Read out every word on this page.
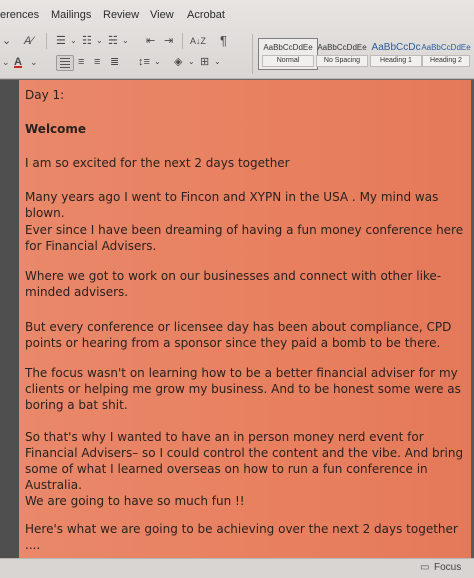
erences Mailings Review View Acrobat
⌄ A⁄ ☰ ⌄ ☷ ⌄ ☵ ⌄ ⇤ ⇥ A↓Z ¶
⌄ A ⌄	≡ ≡ ≣ ↕≡ ⌄ ◈ ⌄ ⊞ ⌄
AaBbCcDdEe
Normal
AaBbCcDdEe
No Spacing
AaBbCcDc
Heading 1
AaBbCcDdEe
Heading 2
Day 1:
Welcome
I am so excited for the next 2 days together
Many years ago I went to Fincon and XYPN in the USA . My mind was blown.
Ever since I have been dreaming of having a fun money conference here for Financial Advisers.
Where we got to work on our businesses and connect with other like-minded advisers.
But every conference or licensee day has been about compliance, CPD points or hearing from a sponsor since they paid a bomb to be there.
The focus wasn't on learning how to be a better financial adviser for my clients or helping me grow my business. And to be honest some were as boring a bat shit.
So that's why I wanted to have an in person money nerd event for Financial Advisers– so I could control the content and the vibe. And bring some of what I learned overseas on how to run a fun conference in Australia.
We are going to have so much fun !!
Here's what we are going to be achieving over the next 2 days together ....
▭ Focus
